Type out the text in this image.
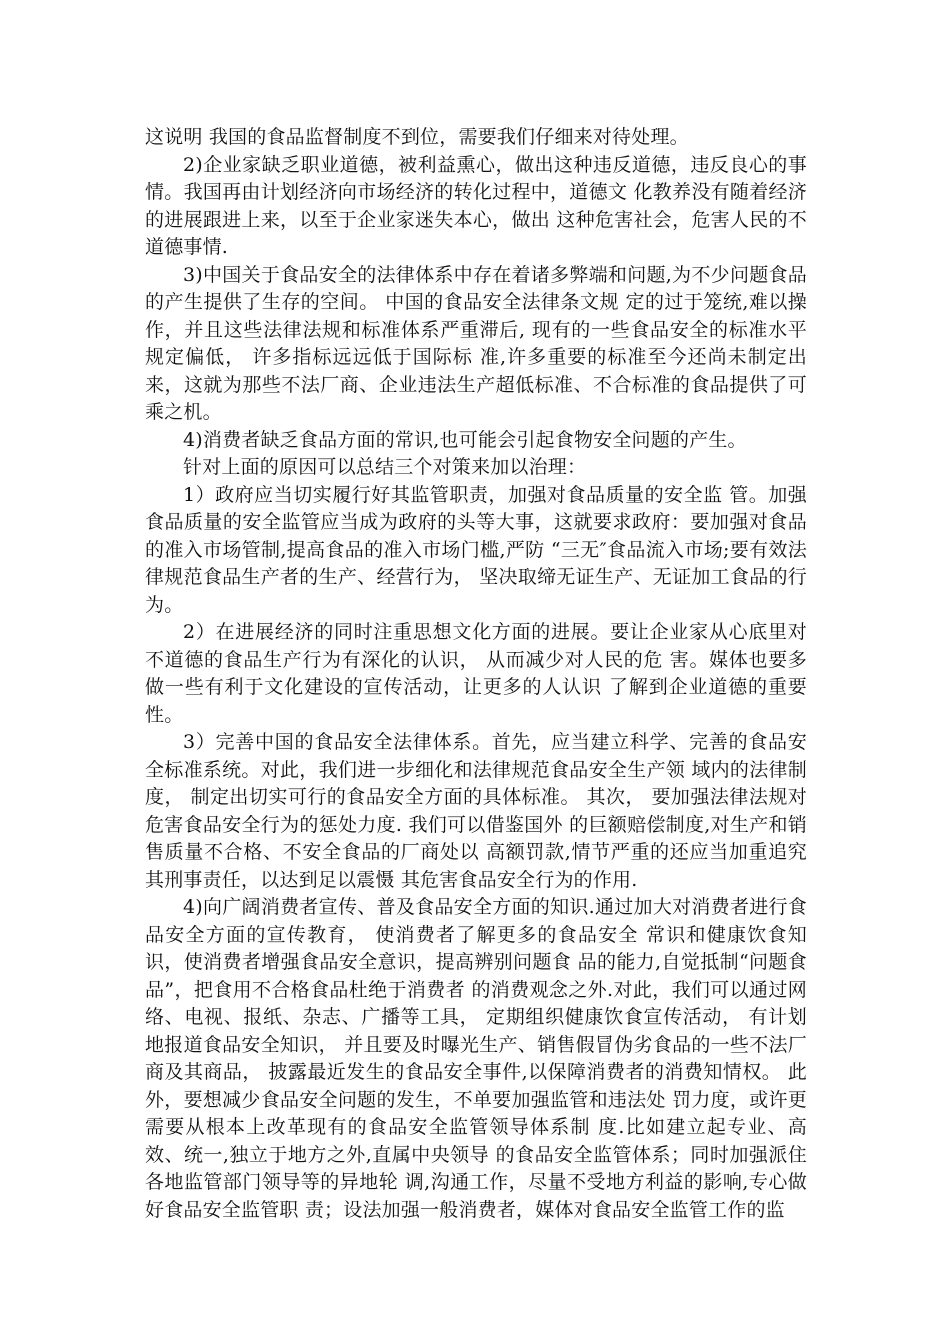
这说明 我国的食品监督制度不到位，需要我们仔细来对待处理。

2)企业家缺乏职业道德，被利益熏心，做出这种违反道德，违反良心的事情。我国再由计划经济向市场经济的转化过程中，道德文 化教养没有随着经济的进展跟进上来，以至于企业家迷失本心，做出 这种危害社会，危害人民的不道德事情.

3)中国关于食品安全的法律体系中存在着诸多弊端和问题,为不少问题食品的产生提供了生存的空间。 中国的食品安全法律条文规 定的过于笼统,难以操作，并且这些法律法规和标准体系严重滞后, 现有的一些食品安全的标准水平规定偏低， 许多指标远远低于国际标 准,许多重要的标准至今还尚未制定出来，这就为那些不法厂商、企业违法生产超低标准、不合标准的食品提供了可乘之机。

4)消费者缺乏食品方面的常识,也可能会引起食物安全问题的产生。

针对上面的原因可以总结三个对策来加以治理：

1）政府应当切实履行好其监管职责，加强对食品质量的安全监 管。加强食品质量的安全监管应当成为政府的头等大事，这就要求政府：要加强对食品的准入市场管制,提高食品的准入市场门槛,严防 “三无″食品流入市场;要有效法律规范食品生产者的生产、经营行为， 坚决取缔无证生产、无证加工食品的行为。

2）在进展经济的同时注重思想文化方面的进展。要让企业家从心底里对不道德的食品生产行为有深化的认识， 从而减少对人民的危 害。媒体也要多做一些有利于文化建设的宣传活动，让更多的人认识 了解到企业道德的重要性。

3）完善中国的食品安全法律体系。首先，应当建立科学、完善的食品安全标准系统。对此，我们进一步细化和法律规范食品安全生产领 域内的法律制度， 制定出切实可行的食品安全方面的具体标准。 其次， 要加强法律法规对危害食品安全行为的惩处力度. 我们可以借鉴国外 的巨额赔偿制度,对生产和销售质量不合格、不安全食品的厂商处以 高额罚款,情节严重的还应当加重追究其刑事责任，以达到足以震慑 其危害食品安全行为的作用.

4)向广阔消费者宣传、普及食品安全方面的知识.通过加大对消费者进行食品安全方面的宣传教育， 使消费者了解更多的食品安全 常识和健康饮食知识，使消费者增强食品安全意识，提高辨别问题食 品的能力,自觉抵制“问题食品”，把食用不合格食品杜绝于消费者 的消费观念之外.对此，我们可以通过网络、电视、报纸、杂志、广播等工具， 定期组织健康饮食宣传活动， 有计划地报道食品安全知识， 并且要及时曝光生产、销售假冒伪劣食品的一些不法厂商及其商品， 披露最近发生的食品安全事件,以保障消费者的消费知情权。 此外，要想减少食品安全问题的发生，不单要加强监管和违法处 罚力度，或许更需要从根本上改革现有的食品安全监管领导体系制 度.比如建立起专业、高效、统一,独立于地方之外,直属中央领导 的食品安全监管体系；同时加强派住各地监管部门领导等的异地轮 调,沟通工作，尽量不受地方利益的影响,专心做好食品安全监管职 责；设法加强一般消费者，媒体对食品安全监管工作的监
